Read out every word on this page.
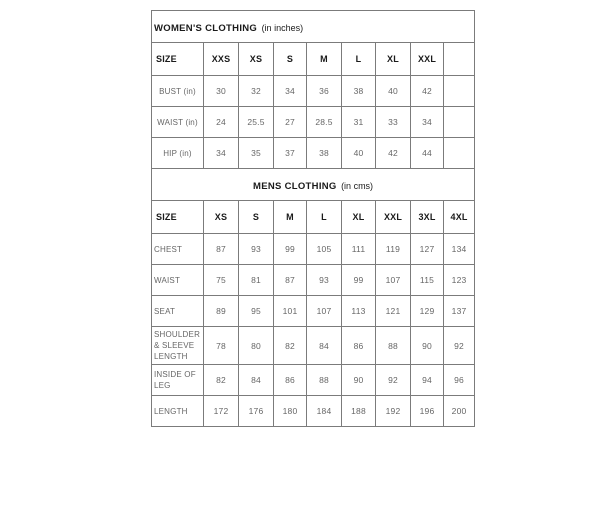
WOMEN'S CLOTHING (in inches)								
SIZE	XXS	XS	S	M	L	XL	XXL	
BUST (in)	30	32	34	36	38	40	42	
WAIST (in)	24	25.5	27	28.5	31	33	34	
HIP (in)	34	35	37	38	40	42	44	
MENS CLOTHING (in cms)								
SIZE	XS	S	M	L	XL	XXL	3XL	4XL
CHEST	87	93	99	105	111	119	127	134
WAIST	75	81	87	93	99	107	115	123
SEAT	89	95	101	107	113	121	129	137
SHOULDER & SLEEVE LENGTH	78	80	82	84	86	88	90	92
INSIDE OF LEG	82	84	86	88	90	92	94	96
LENGTH	172	176	180	184	188	192	196	200
